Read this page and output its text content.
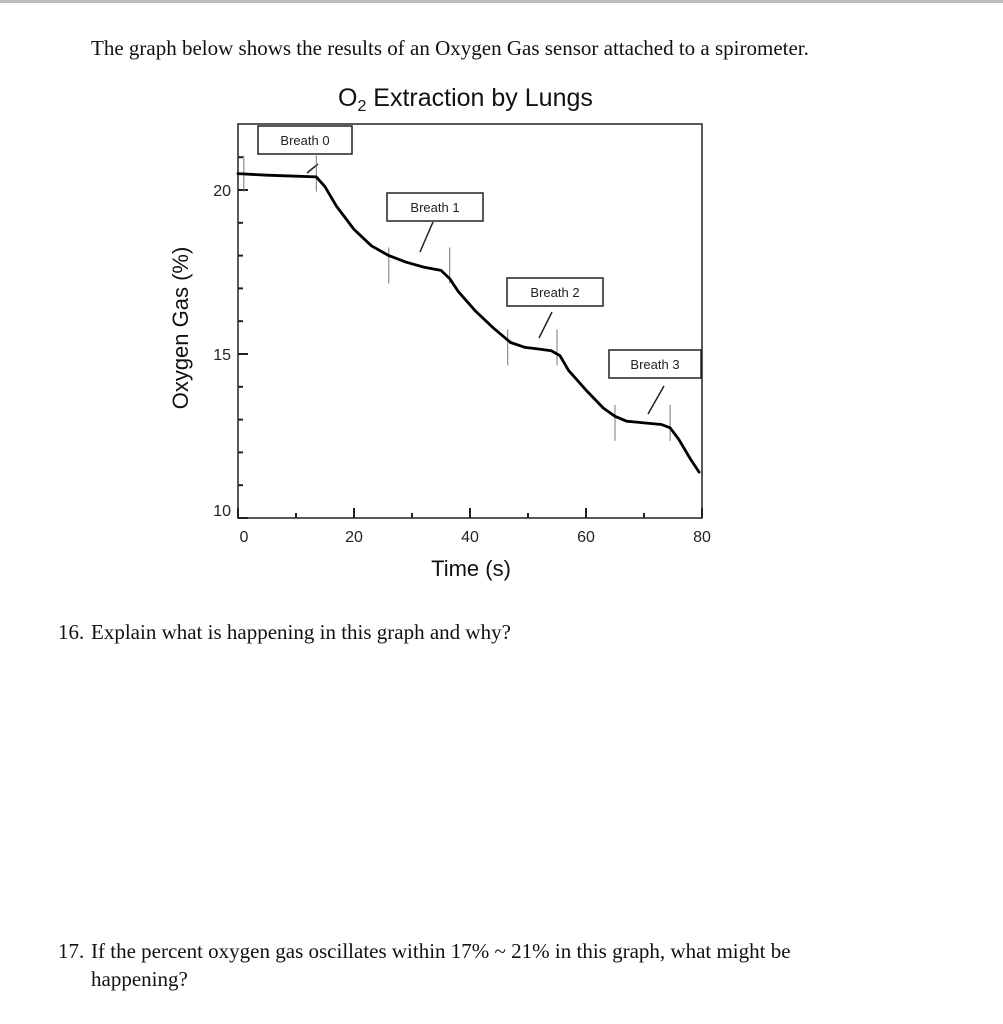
The graph below shows the results of an Oxygen Gas sensor attached to a spirometer.
$O_2$ Extraction by Lungs
0	20	40	60	80
10
15
20
Breath 0
Breath 1
Breath 2
Breath 3
Time (s)
Oxygen Gas (%)
16. Explain what is happening in this graph and why?
17. If the percent oxygen gas oscillates within 17% ~ 21% in this graph, what might be
happening?
